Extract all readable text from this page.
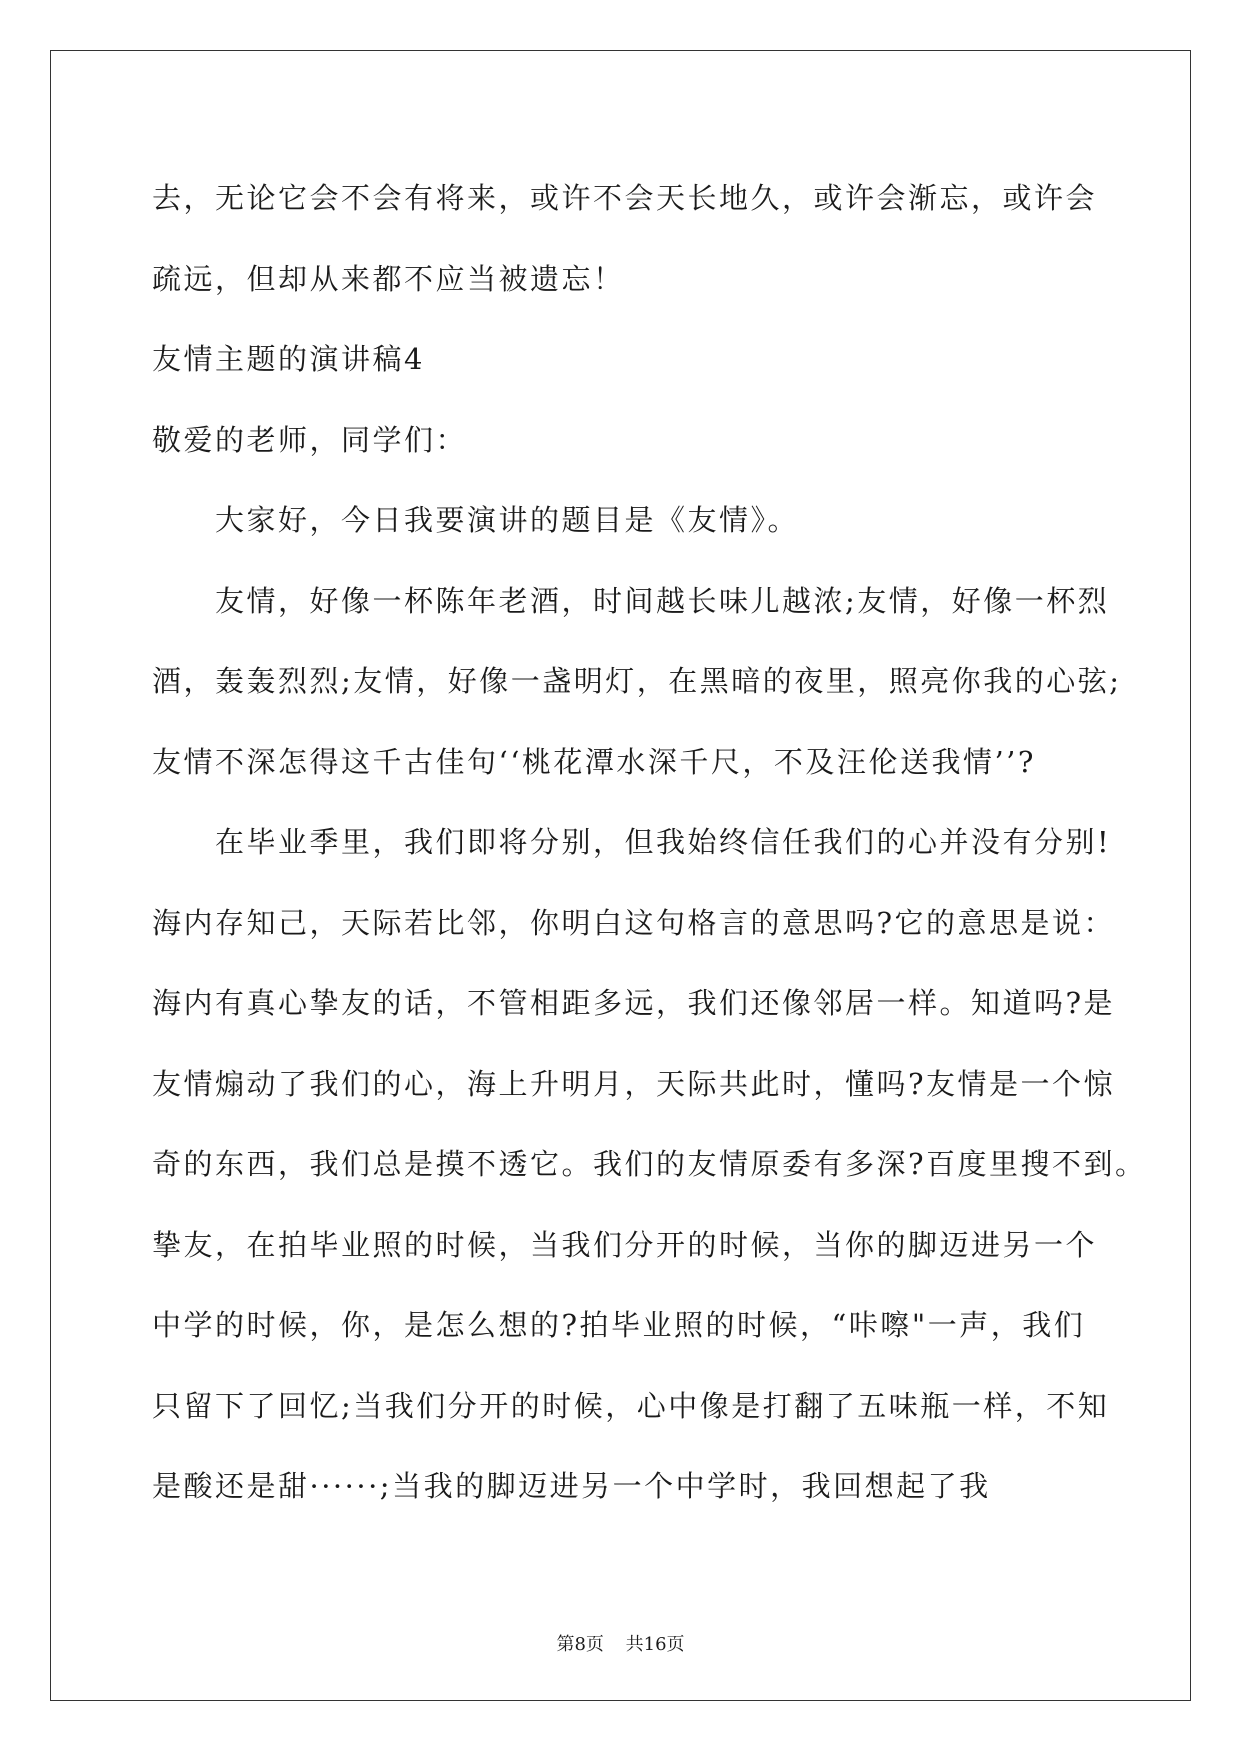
去，无论它会不会有将来，或许不会天长地久，或许会渐忘，或许会
疏远，但却从来都不应当被遗忘！
友情主题的演讲稿4
敬爱的老师，同学们：
大家好，今日我要演讲的题目是《友情》。
友情，好像一杯陈年老酒，时间越长味儿越浓;友情，好像一杯烈
酒，轰轰烈烈;友情，好像一盏明灯，在黑暗的夜里，照亮你我的心弦;
友情不深怎得这千古佳句‘‘桃花潭水深千尺，不及汪伦送我情’’?
在毕业季里，我们即将分别，但我始终信任我们的心并没有分别!
海内存知己，天际若比邻，你明白这句格言的意思吗?它的意思是说：
海内有真心挚友的话，不管相距多远，我们还像邻居一样。知道吗?是
友情煽动了我们的心，海上升明月，天际共此时，懂吗?友情是一个惊
奇的东西，我们总是摸不透它。我们的友情原委有多深?百度里搜不到。
挚友，在拍毕业照的时候，当我们分开的时候，当你的脚迈进另一个
中学的时候，你，是怎么想的?拍毕业照的时候，“咔嚓"一声，我们
只留下了回忆;当我们分开的时候，心中像是打翻了五味瓶一样，不知
是酸还是甜······;当我的脚迈进另一个中学时，我回想起了我
第8页 共16页
